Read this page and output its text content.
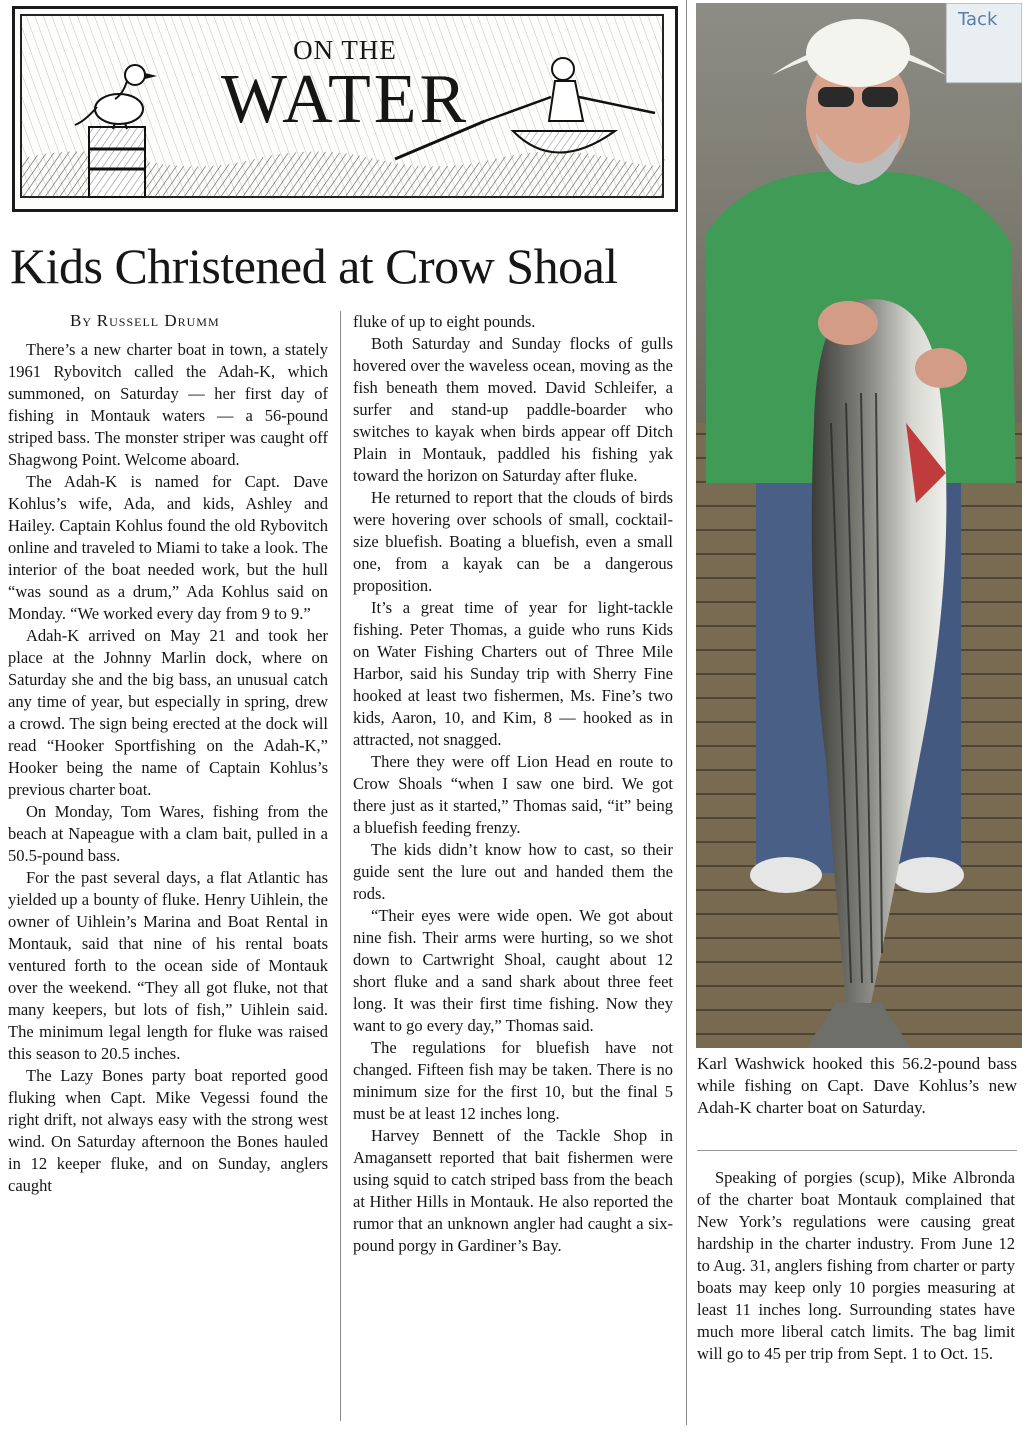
ON THE
WATER
Kids Christened at Crow Shoal
By Russell Drumm

There’s a new charter boat in town, a stately 1961 Rybovitch called the Adah-K, which summoned, on Saturday — her first day of fishing in Montauk waters — a 56-pound striped bass. The monster striper was caught off Shagwong Point. Welcome aboard.

The Adah-K is named for Capt. Dave Kohlus’s wife, Ada, and kids, Ashley and Hailey. Captain Kohlus found the old Rybovitch online and traveled to Miami to take a look. The interior of the boat needed work, but the hull “was sound as a drum,” Ada Kohlus said on Monday. “We worked every day from 9 to 9.”

Adah-K arrived on May 21 and took her place at the Johnny Marlin dock, where on Saturday she and the big bass, an unusual catch any time of year, but especially in spring, drew a crowd. The sign being erected at the dock will read “Hooker Sportfishing on the Adah-K,” Hooker being the name of Captain Kohlus’s previous charter boat.

On Monday, Tom Wares, fishing from the beach at Napeague with a clam bait, pulled in a 50.5-pound bass.

For the past several days, a flat Atlantic has yielded up a bounty of fluke. Henry Uihlein, the owner of Uihlein’s Marina and Boat Rental in Montauk, said that nine of his rental boats ventured forth to the ocean side of Montauk over the weekend. “They all got fluke, not that many keepers, but lots of fish,” Uihlein said. The minimum legal length for fluke was raised this season to 20.5 inches.

The Lazy Bones party boat reported good fluking when Capt. Mike Vegessi found the right drift, not always easy with the strong west wind. On Saturday afternoon the Bones hauled in 12 keeper fluke, and on Sunday, anglers caught

fluke of up to eight pounds.

Both Saturday and Sunday flocks of gulls hovered over the waveless ocean, moving as the fish beneath them moved. David Schleifer, a surfer and stand-up paddle-boarder who switches to kayak when birds appear off Ditch Plain in Montauk, paddled his fishing yak toward the horizon on Saturday after fluke.

He returned to report that the clouds of birds were hovering over schools of small, cocktail-size bluefish. Boating a bluefish, even a small one, from a kayak can be a dangerous proposition.

It’s a great time of year for light-tackle fishing. Peter Thomas, a guide who runs Kids on Water Fishing Charters out of Three Mile Harbor, said his Sunday trip with Sherry Fine hooked at least two fishermen, Ms. Fine’s two kids, Aaron, 10, and Kim, 8 — hooked as in attracted, not snagged.

There they were off Lion Head en route to Crow Shoals “when I saw one bird. We got there just as it started,” Thomas said, “it” being a bluefish feeding frenzy.

The kids didn’t know how to cast, so their guide sent the lure out and handed them the rods.

“Their eyes were wide open. We got about nine fish. Their arms were hurting, so we shot down to Cartwright Shoal, caught about 12 short fluke and a sand shark about three feet long. It was their first time fishing. Now they want to go every day,” Thomas said.

The regulations for bluefish have not changed. Fifteen fish may be taken. There is no minimum size for the first 10, but the final 5 must be at least 12 inches long.

Harvey Bennett of the Tackle Shop in Amagansett reported that bait fishermen were using squid to catch striped bass from the beach at Hither Hills in Montauk. He also reported the rumor that an unknown angler had caught a six-pound porgy in Gardiner’s Bay.

Tack
Karl Washwick hooked this 56.2-pound bass while fishing on Capt. Dave Kohlus’s new Adah-K charter boat on Saturday.

Speaking of porgies (scup), Mike Albronda of the charter boat Montauk complained that New York’s regulations were causing great hardship in the charter industry. From June 12 to Aug. 31, anglers fishing from charter or party boats may keep only 10 porgies measuring at least 11 inches long. Surrounding states have much more liberal catch limits. The bag limit will go to 45 per trip from Sept. 1 to Oct. 15.
